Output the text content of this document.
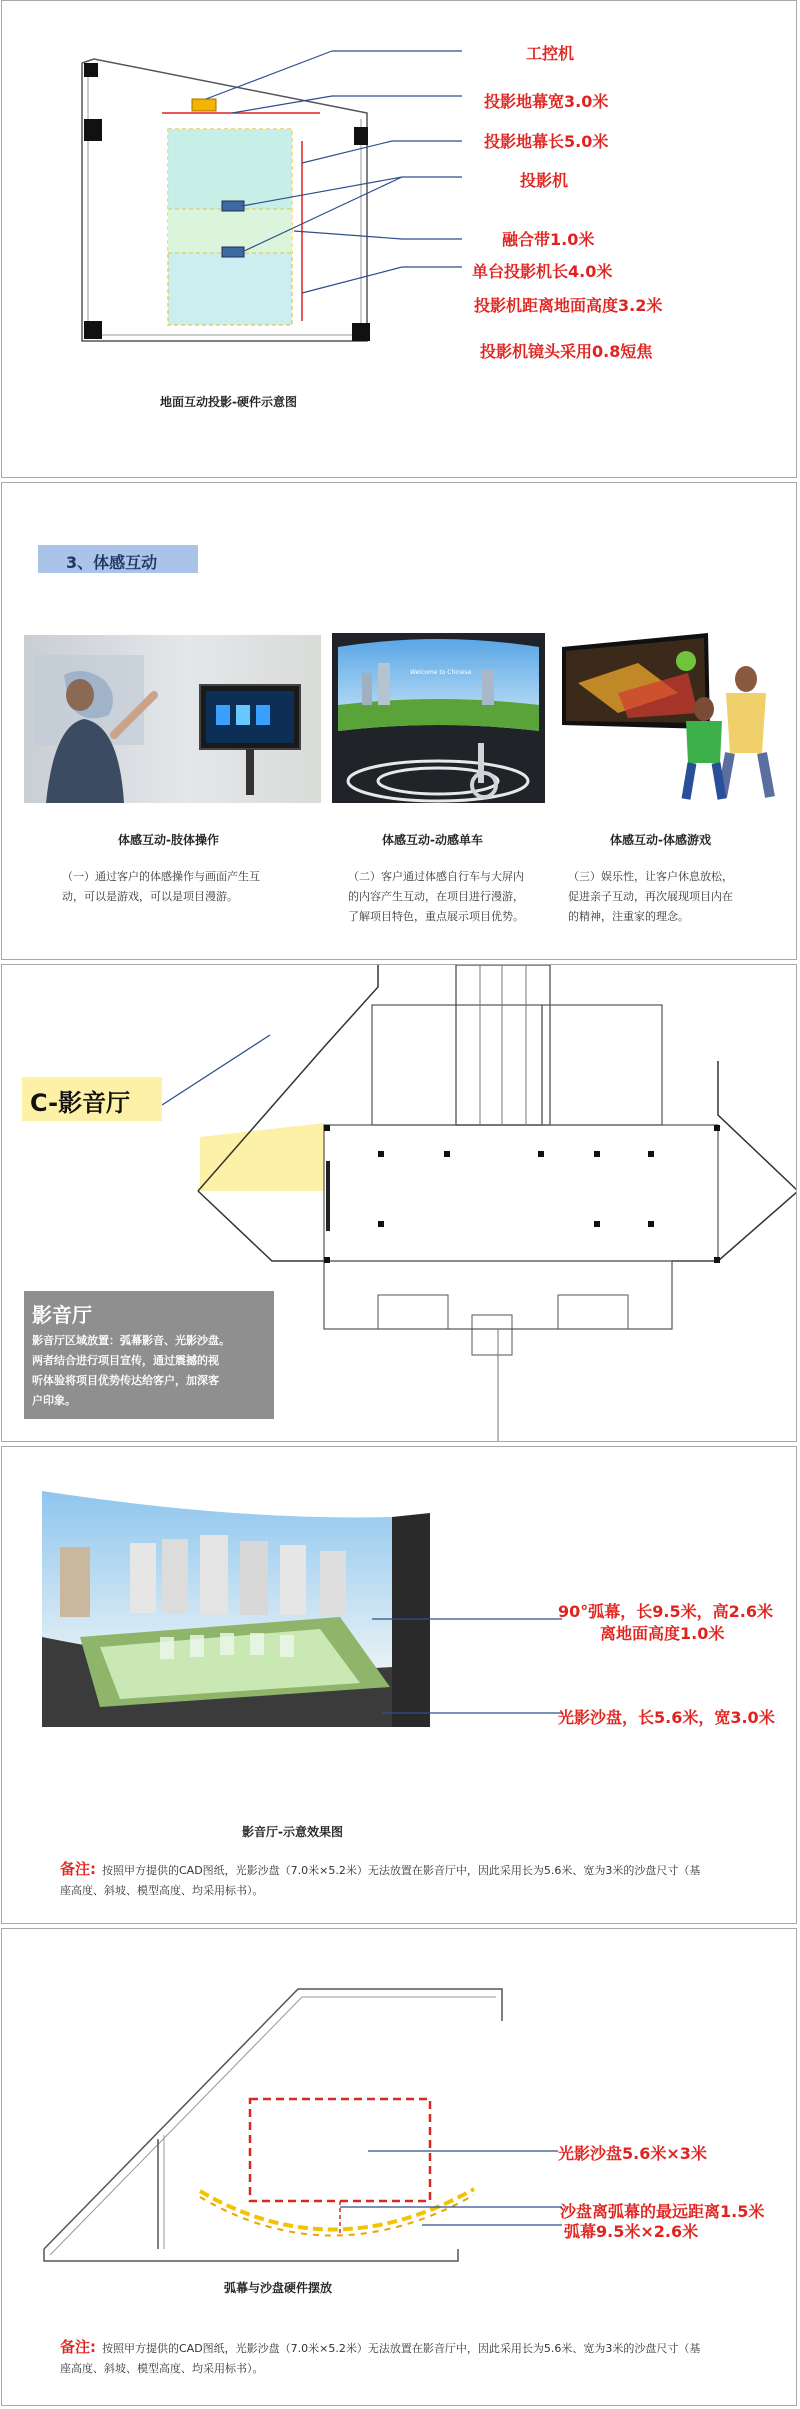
工控机
投影地幕宽3.0米
投影地幕长5.0米
投影机
融合带1.0米
单台投影机长4.0米
投影机距离地面高度3.2米
投影机镜头采用0.8短焦
地面互动投影-硬件示意图
3、体感互动
Welcome to Chinese
体感互动-肢体操作	体感互动-动感单车	体感互动-体感游戏
（一）通过客户的体感操作与画面产生互
动，可以是游戏，可以是项目漫游。
（二）客户通过体感自行车与大屏内
的内容产生互动，在项目进行漫游，
了解项目特色，重点展示项目优势。
（三）娱乐性，让客户休息放松，
促进亲子互动，再次展现项目内在
的精神，注重家的理念。
C-影音厅
影音厅
影音厅区域放置：弧幕影音、光影沙盘。
两者结合进行项目宣传，通过震撼的视
听体验将项目优势传达给客户，加深客
户印象。
90°弧幕，长9.5米，高2.6米
离地面高度1.0米
光影沙盘，长5.6米，宽3.0米
影音厅-示意效果图
备注: 按照甲方提供的CAD图纸，光影沙盘（7.0米×5.2米）无法放置在影音厅中，因此采用长为5.6米、宽为3米的沙盘尺寸（基
座高度、斜坡、模型高度、均采用标书）。
光影沙盘5.6米×3米
沙盘离弧幕的最远距离1.5米
弧幕9.5米×2.6米
弧幕与沙盘硬件摆放
备注: 按照甲方提供的CAD图纸，光影沙盘（7.0米×5.2米）无法放置在影音厅中，因此采用长为5.6米、宽为3米的沙盘尺寸（基
座高度、斜坡、模型高度、均采用标书）。
